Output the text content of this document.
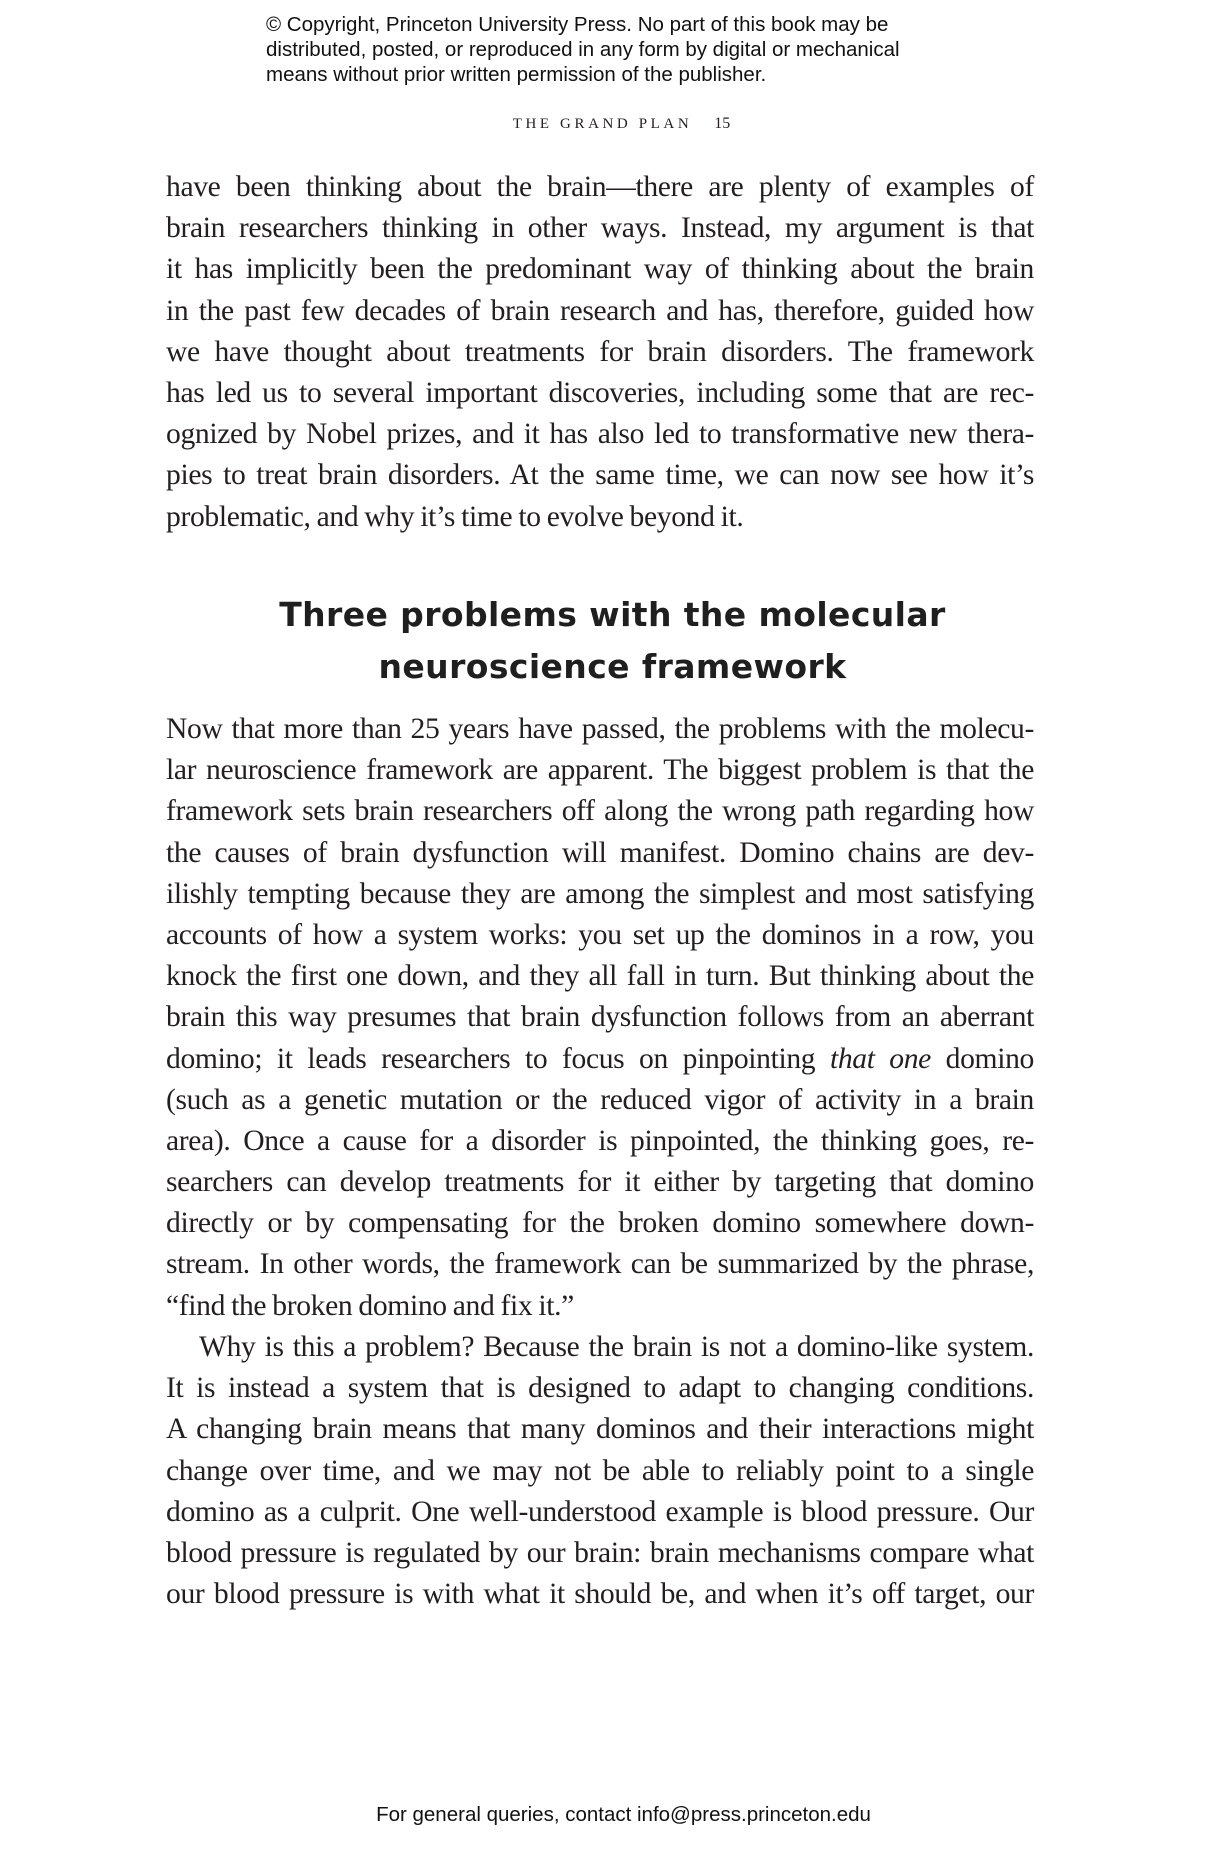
© Copyright, Princeton University Press. No part of this book may be
distributed, posted, or reproduced in any form by digital or mechanical
means without prior written permission of the publisher.
THE GRAND PLAN 15
have been thinking about the brain—there are plenty of examples of
brain researchers thinking in other ways. Instead, my argument is that
it has implicitly been the predominant way of thinking about the brain
in the past few decades of brain research and has, therefore, guided how
we have thought about treatments for brain disorders. The framework
has led us to several important discoveries, including some that are rec-
ognized by Nobel prizes, and it has also led to transformative new thera-
pies to treat brain disorders. At the same time, we can now see how it’s
problematic, and why it’s time to evolve beyond it.
Three problems with the molecular
neuroscience framework
Now that more than 25 years have passed, the problems with the molecu-
lar neuroscience framework are apparent. The biggest problem is that the
framework sets brain researchers off along the wrong path regarding how
the causes of brain dysfunction will manifest. Domino chains are dev-
ilishly tempting because they are among the simplest and most satisfying
accounts of how a system works: you set up the dominos in a row, you
knock the first one down, and they all fall in turn. But thinking about the
brain this way presumes that brain dysfunction follows from an aberrant
domino; it leads researchers to focus on pinpointing that one domino
(such as a genetic mutation or the reduced vigor of activity in a brain
area). Once a cause for a disorder is pinpointed, the thinking goes, re-
searchers can develop treatments for it either by targeting that domino
directly or by compensating for the broken domino somewhere down-
stream. In other words, the framework can be summarized by the phrase,
“find the broken domino and fix it.”
Why is this a problem? Because the brain is not a domino-like system.
It is instead a system that is designed to adapt to changing conditions.
A changing brain means that many dominos and their interactions might
change over time, and we may not be able to reliably point to a single
domino as a culprit. One well-understood example is blood pressure. Our
blood pressure is regulated by our brain: brain mechanisms compare what
our blood pressure is with what it should be, and when it’s off target, our
For general queries, contact info@press.princeton.edu
